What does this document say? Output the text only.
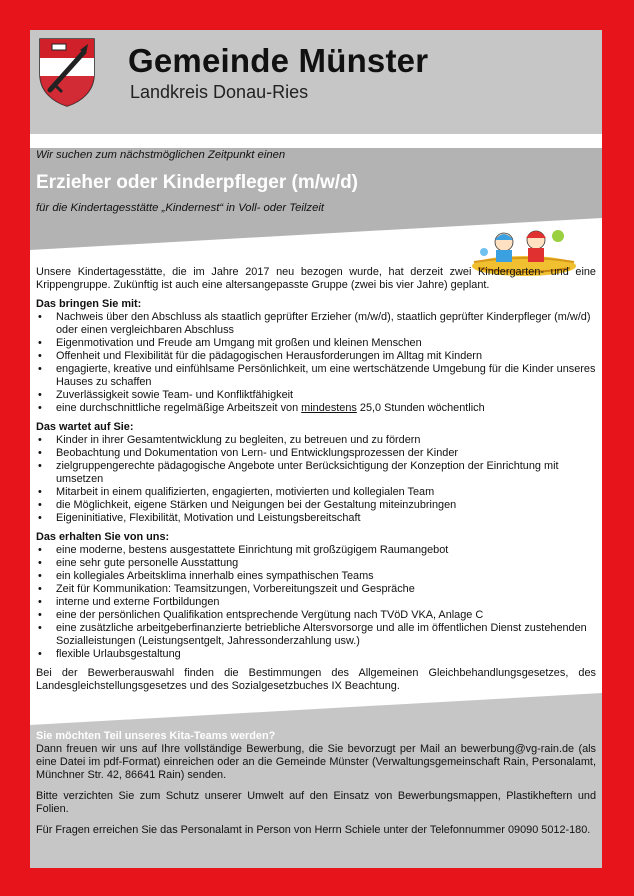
Gemeinde Münster

Landkreis Donau-Ries

Wir suchen zum nächstmöglichen Zeitpunkt einen

Erzieher oder Kinderpfleger (m/w/d)

für die Kindertagesstätte „Kindernest“ in Voll- oder Teilzeit

Unsere Kindertagesstätte, die im Jahre 2017 neu bezogen wurde, hat derzeit zwei Kindergarten- und eine Krippengruppe. Zukünftig ist auch eine altersangepasste Gruppe (zwei bis vier Jahre) geplant.

Das bringen Sie mit:
• Nachweis über den Abschluss als staatlich geprüfter Erzieher (m/w/d), staatlich geprüfter Kinderpfleger (m/w/d) oder einen vergleichbaren Abschluss
• Eigenmotivation und Freude am Umgang mit großen und kleinen Menschen
• Offenheit und Flexibilität für die pädagogischen Herausforderungen im Alltag mit Kindern
• engagierte, kreative und einfühlsame Persönlichkeit, um eine wertschätzende Umgebung für die Kinder unseres Hauses zu schaffen
• Zuverlässigkeit sowie Team- und Konfliktfähigkeit
• eine durchschnittliche regelmäßige Arbeitszeit von mindestens 25,0 Stunden wöchentlich
Das wartet auf Sie:
• Kinder in ihrer Gesamtentwicklung zu begleiten, zu betreuen und zu fördern
• Beobachtung und Dokumentation von Lern- und Entwicklungsprozessen der Kinder
• zielgruppengerechte pädagogische Angebote unter Berücksichtigung der Konzeption der Einrichtung mit umsetzen
• Mitarbeit in einem qualifizierten, engagierten, motivierten und kollegialen Team
• die Möglichkeit, eigene Stärken und Neigungen bei der Gestaltung miteinzubringen
• Eigeninitiative, Flexibilität, Motivation und Leistungsbereitschaft
Das erhalten Sie von uns:
• eine moderne, bestens ausgestattete Einrichtung mit großzügigem Raumangebot
• eine sehr gute personelle Ausstattung
• ein kollegiales Arbeitsklima innerhalb eines sympathischen Teams
• Zeit für Kommunikation: Teamsitzungen, Vorbereitungszeit und Gespräche
• interne und externe Fortbildungen
• eine der persönlichen Qualifikation entsprechende Vergütung nach TVöD VKA, Anlage C
• eine zusätzliche arbeitgeberfinanzierte betriebliche Altersvorsorge und alle im öffentlichen Dienst zustehenden Sozialleistungen (Leistungsentgelt, Jahressonderzahlung usw.)
• flexible Urlaubsgestaltung

Bei der Bewerberauswahl finden die Bestimmungen des Allgemeinen Gleichbehandlungsgesetzes, des Landesgleichstellungsgesetzes und des Sozialgesetzbuches IX Beachtung.

Sie möchten Teil unseres Kita-Teams werden?

Dann freuen wir uns auf Ihre vollständige Bewerbung, die Sie bevorzugt per Mail an bewerbung@vg-rain.de (als eine Datei im pdf-Format) einreichen oder an die Gemeinde Münster (Verwaltungsgemeinschaft Rain, Personalamt, Münchner Str. 42, 86641 Rain) senden.

Bitte verzichten Sie zum Schutz unserer Umwelt auf den Einsatz von Bewerbungsmappen, Plastikheftern und Folien.

Für Fragen erreichen Sie das Personalamt in Person von Herrn Schiele unter der Telefonnummer 09090 5012-180.
